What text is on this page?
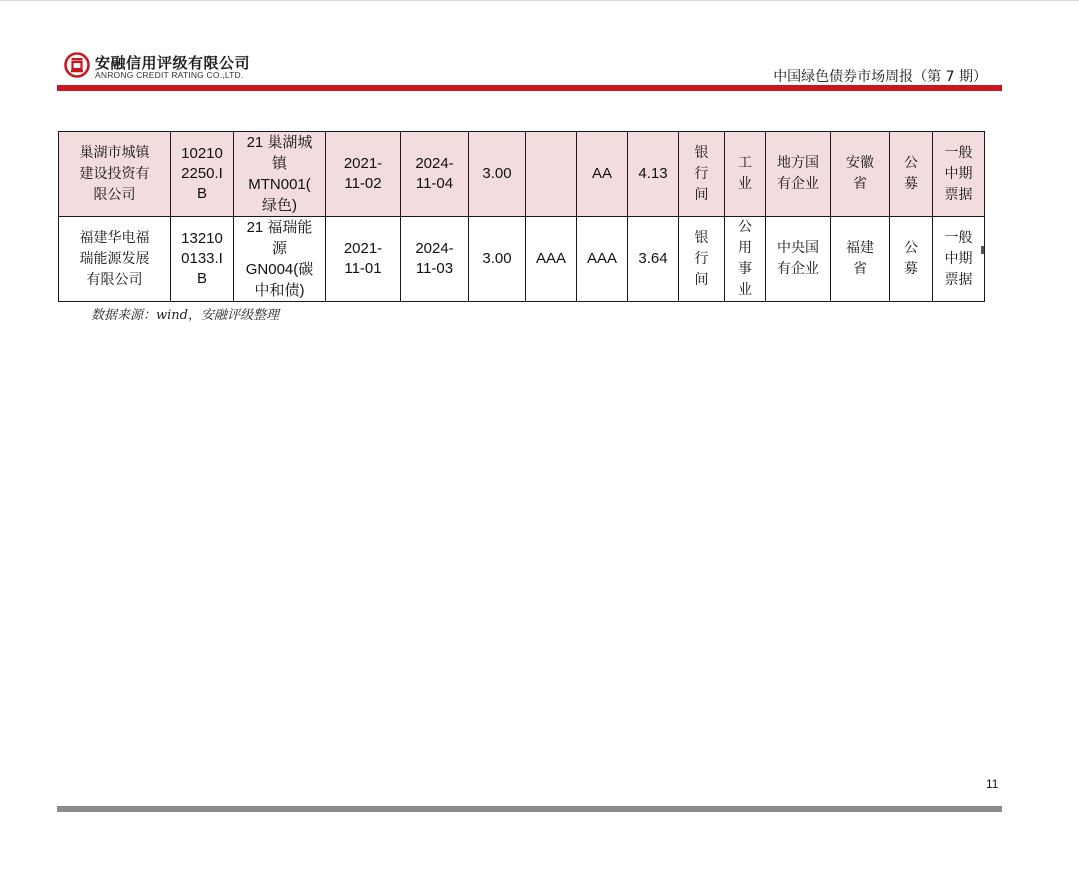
安融信用评级有限公司
ANRONG CREDIT RATING CO.,LTD.	中国绿色债券市场周报（第 7 期）
巢湖市城镇
建设投资有
限公司	10210
2250.I
B	21 巢湖城
镇
MTN001(
绿色)	2021-
11-02	2024-
11-04	3.00		AA	4.13	银
行
间	工
业	地方国
有企业	安徽
省	公
募	一般
中期
票据

福建华电福
瑞能源发展
有限公司	13210
0133.I
B	21 福瑞能
源
GN004(碳
中和债)	2021-
11-01	2024-
11-03	3.00	AAA	AAA	3.64	银
行
间	公
用
事
业	中央国
有企业	福建
省	公
募	一般
中期
票据
数据来源：wind，安融评级整理
11
